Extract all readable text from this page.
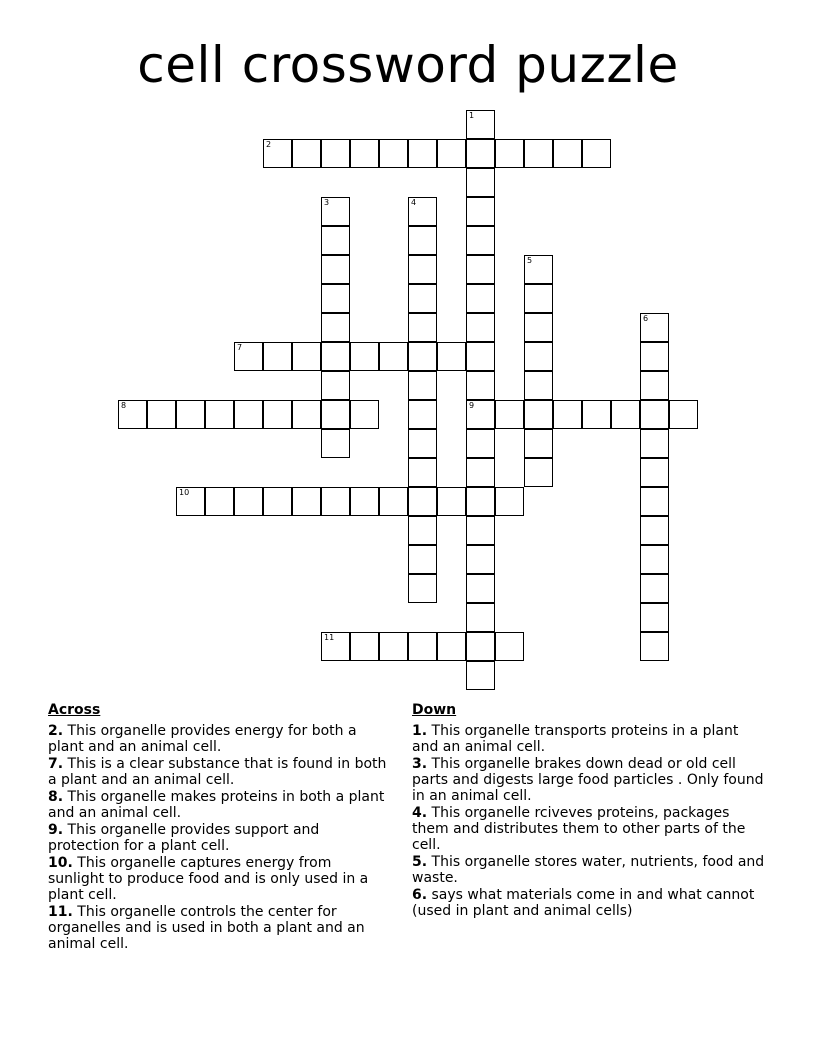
cell crossword puzzle
1
9
2
3	4
5
6
7
8
10
11
Across
2. This organelle provides energy for both a plant and an animal cell.
7. This is a clear substance that is found in both a plant and an animal cell.
8. This organelle makes proteins in both a plant and an animal cell.
9. This organelle provides support and protection for a plant cell.
10. This organelle captures energy from sunlight to produce food and is only used in a plant cell.
11. This organelle controls the center for organelles and is used in both a plant and an animal cell.
Down
1. This organelle transports proteins in a plant and an animal cell.
3. This organelle brakes down dead or old cell parts and digests large food particles . Only found in an animal cell.
4. This organelle rciveves proteins, packages them and distributes them to other parts of the cell.
5. This organelle stores water, nutrients, food and waste.
6. says what materials come in and what cannot (used in plant and animal cells)
